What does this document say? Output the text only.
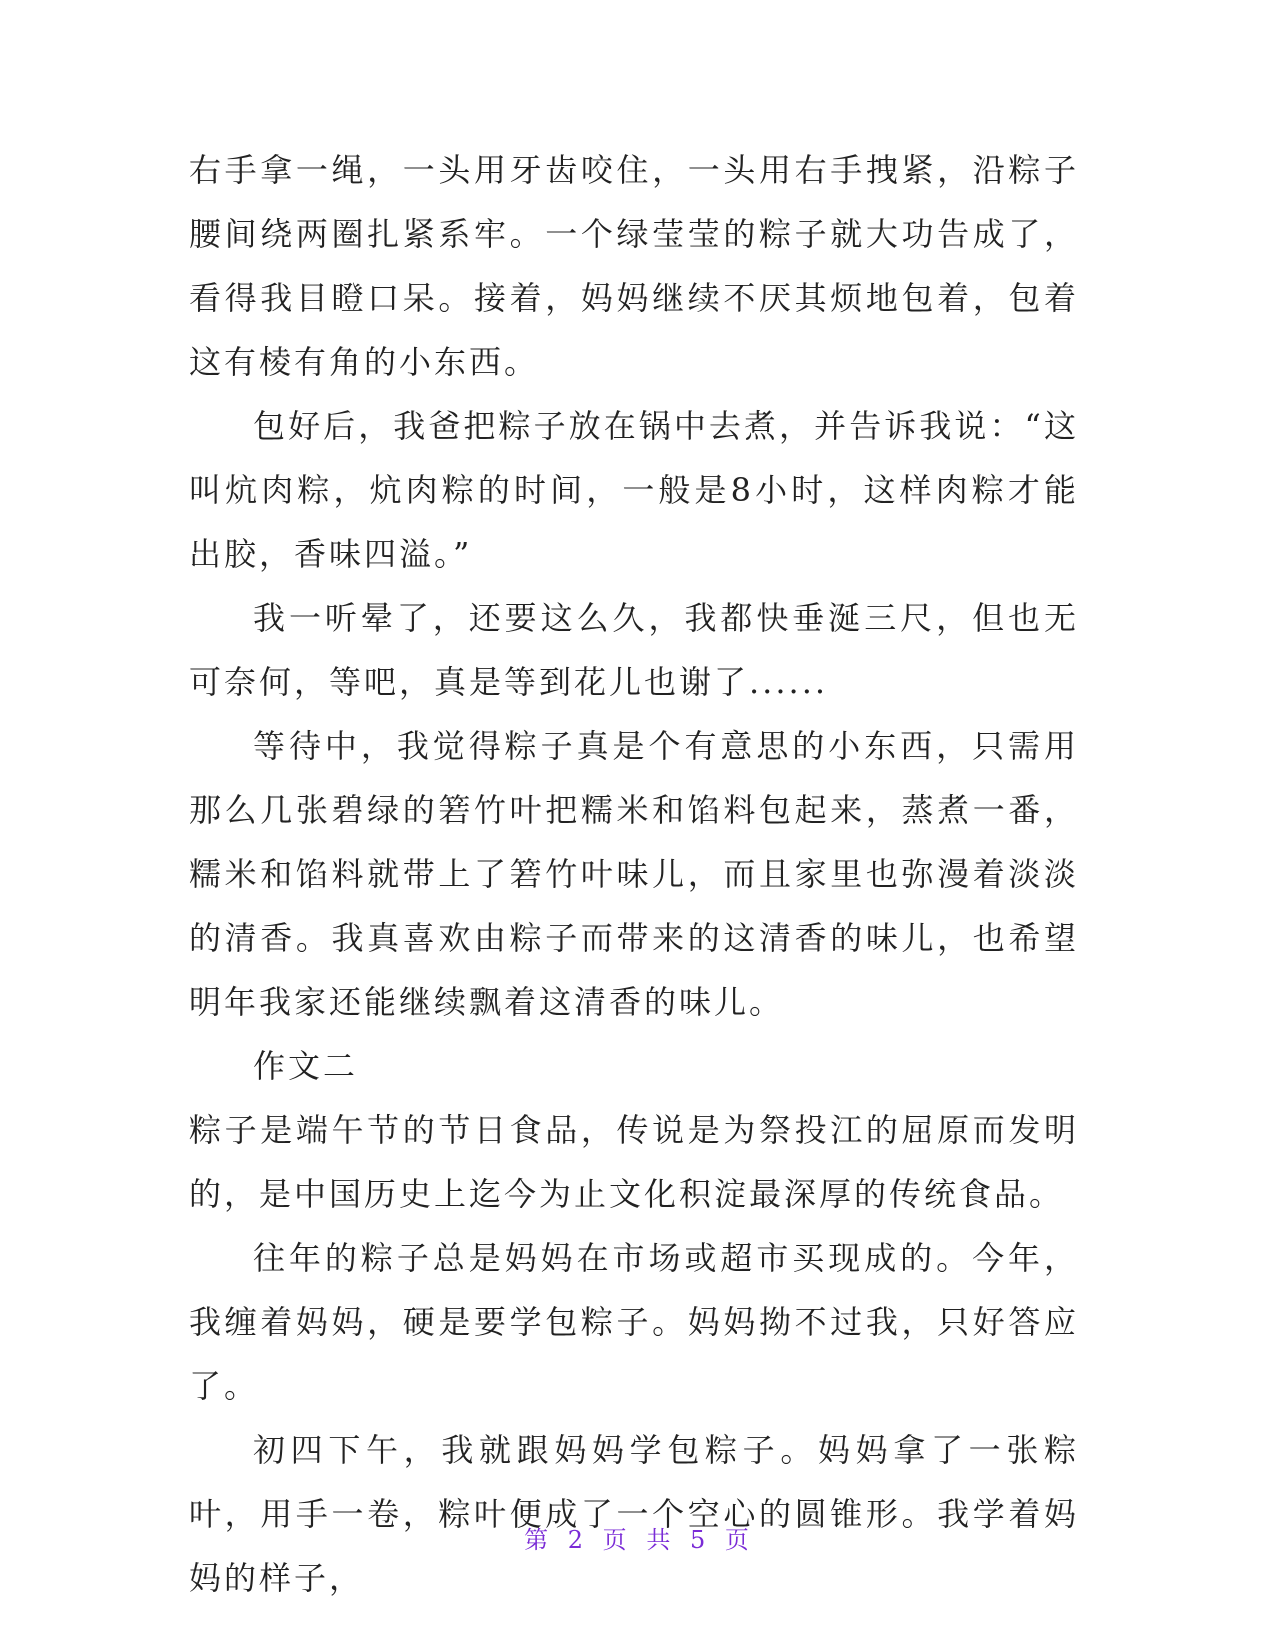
右手拿一绳，一头用牙齿咬住，一头用右手拽紧，沿粽子腰间绕两圈扎紧系牢。一个绿莹莹的粽子就大功告成了，看得我目瞪口呆。接着，妈妈继续不厌其烦地包着，包着这有棱有角的小东西。

包好后，我爸把粽子放在锅中去煮，并告诉我说：“这叫炕肉粽，炕肉粽的时间，一般是8小时，这样肉粽才能出胶，香味四溢。”

我一听晕了，还要这么久，我都快垂涎三尺，但也无可奈何，等吧，真是等到花儿也谢了......

等待中，我觉得粽子真是个有意思的小东西，只需用那么几张碧绿的箬竹叶把糯米和馅料包起来，蒸煮一番，糯米和馅料就带上了箬竹叶味儿，而且家里也弥漫着淡淡的清香。我真喜欢由粽子而带来的这清香的味儿，也希望明年我家还能继续飘着这清香的味儿。

作文二

粽子是端午节的节日食品，传说是为祭投江的屈原而发明的，是中国历史上迄今为止文化积淀最深厚的传统食品。

往年的粽子总是妈妈在市场或超市买现成的。今年，我缠着妈妈，硬是要学包粽子。妈妈拗不过我，只好答应了。

初四下午，我就跟妈妈学包粽子。妈妈拿了一张粽叶，用手一卷，粽叶便成了一个空心的圆锥形。我学着妈妈的样子，

第 2 页 共 5 页
